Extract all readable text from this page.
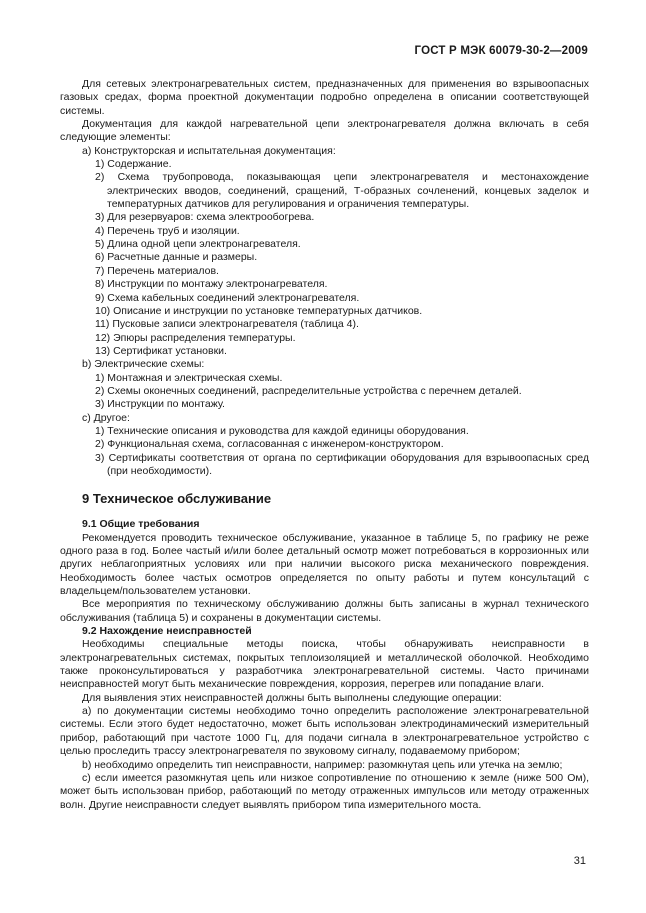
ГОСТ Р МЭК 60079-30-2—2009

Для сетевых электронагревательных систем, предназначенных для применения во взрывоопасных газовых средах, форма проектной документации подробно определена в описании соответствующей системы.

Документация для каждой нагревательной цепи электронагревателя должна включать в себя следующие элементы:

a) Конструкторская и испытательная документация:

1) Содержание.

2) Схема трубопровода, показывающая цепи электронагревателя и местонахождение электрических вводов, соединений, сращений, Т-образных сочленений, концевых заделок и температурных датчиков для регулирования и ограничения температуры.

3) Для резервуаров: схема электрообогрева.

4) Перечень труб и изоляции.

5) Длина одной цепи электронагревателя.

6) Расчетные данные и размеры.

7) Перечень материалов.

8) Инструкции по монтажу электронагревателя.

9) Схема кабельных соединений электронагревателя.

10) Описание и инструкции по установке температурных датчиков.

11) Пусковые записи электронагревателя (таблица 4).

12) Эпюры распределения температуры.

13) Сертификат установки.

b) Электрические схемы:

1) Монтажная и электрическая схемы.

2) Схемы оконечных соединений, распределительные устройства с перечнем деталей.

3) Инструкции по монтажу.

c) Другое:

1) Технические описания и руководства для каждой единицы оборудования.

2) Функциональная схема, согласованная с инженером-конструктором.

3) Сертификаты соответствия от органа по сертификации оборудования для взрывоопасных сред (при необходимости).

9 Техническое обслуживание

9.1 Общие требования

Рекомендуется проводить техническое обслуживание, указанное в таблице 5, по графику не реже одного раза в год. Более частый и/или более детальный осмотр может потребоваться в коррозионных или других неблагоприятных условиях или при наличии высокого риска механического повреждения. Необходимость более частых осмотров определяется по опыту работы и путем консультаций с владельцем/пользователем установки.

Все мероприятия по техническому обслуживанию должны быть записаны в журнал технического обслуживания (таблица 5) и сохранены в документации системы.

9.2 Нахождение неисправностей

Необходимы специальные методы поиска, чтобы обнаруживать неисправности в электронагревательных системах, покрытых теплоизоляцией и металлической оболочкой. Необходимо также проконсультироваться у разработчика электронагревательной системы. Часто причинами неисправностей могут быть механические повреждения, коррозия, перегрев или попадание влаги.

Для выявления этих неисправностей должны быть выполнены следующие операции:

а) по документации системы необходимо точно определить расположение электронагревательной системы. Если этого будет недостаточно, может быть использован электродинамический измерительный прибор, работающий при частоте 1000 Гц, для подачи сигнала в электронагревательное устройство с целью проследить трассу электронагревателя по звуковому сигналу, подаваемому прибором;

b) необходимо определить тип неисправности, например: разомкнутая цепь или утечка на землю;

c) если имеется разомкнутая цепь или низкое сопротивление по отношению к земле (ниже 500 Ом), может быть использован прибор, работающий по методу отраженных импульсов или методу отраженных волн. Другие неисправности следует выявлять прибором типа измерительного моста.

31
